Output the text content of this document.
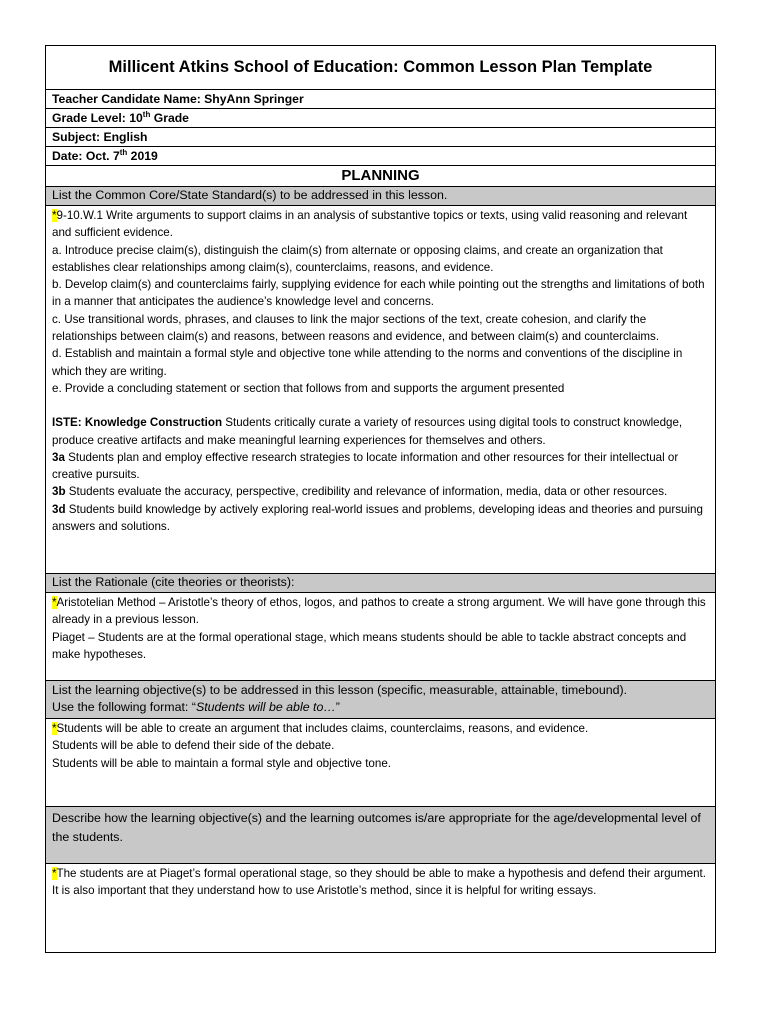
Millicent Atkins School of Education: Common Lesson Plan Template
Teacher Candidate Name: ShyAnn Springer
Grade Level: 10th Grade
Subject: English
Date: Oct. 7th 2019
PLANNING
List the Common Core/State Standard(s) to be addressed in this lesson.

*9-10.W.1 Write arguments to support claims in an analysis of substantive topics or texts, using valid reasoning and relevant and sufficient evidence.

a. Introduce precise claim(s), distinguish the claim(s) from alternate or opposing claims, and create an organization that establishes clear relationships among claim(s), counterclaims, reasons, and evidence.

b. Develop claim(s) and counterclaims fairly, supplying evidence for each while pointing out the strengths and limitations of both in a manner that anticipates the audience’s knowledge level and concerns.

c. Use transitional words, phrases, and clauses to link the major sections of the text, create cohesion, and clarify the relationships between claim(s) and reasons, between reasons and evidence, and between claim(s) and counterclaims.

d. Establish and maintain a formal style and objective tone while attending to the norms and conventions of the discipline in which they are writing.

e. Provide a concluding statement or section that follows from and supports the argument presented

ISTE: Knowledge Construction Students critically curate a variety of resources using digital tools to construct knowledge, produce creative artifacts and make meaningful learning experiences for themselves and others.

3a Students plan and employ effective research strategies to locate information and other resources for their intellectual or creative pursuits.

3b Students evaluate the accuracy, perspective, credibility and relevance of information, media, data or other resources.

3d Students build knowledge by actively exploring real-world issues and problems, developing ideas and theories and pursuing answers and solutions.

List the Rationale (cite theories or theorists):

*Aristotelian Method – Aristotle’s theory of ethos, logos, and pathos to create a strong argument. We will have gone through this already in a previous lesson.

Piaget – Students are at the formal operational stage, which means students should be able to tackle abstract concepts and make hypotheses.

List the learning objective(s) to be addressed in this lesson (specific, measurable, attainable, timebound).
Use the following format: “Students will be able to…”

*Students will be able to create an argument that includes claims, counterclaims, reasons, and evidence.

Students will be able to defend their side of the debate.

Students will be able to maintain a formal style and objective tone.

Describe how the learning objective(s) and the learning outcomes is/are appropriate for the age/developmental level of the students.

*The students are at Piaget’s formal operational stage, so they should be able to make a hypothesis and defend their argument. It is also important that they understand how to use Aristotle’s method, since it is helpful for writing essays.
